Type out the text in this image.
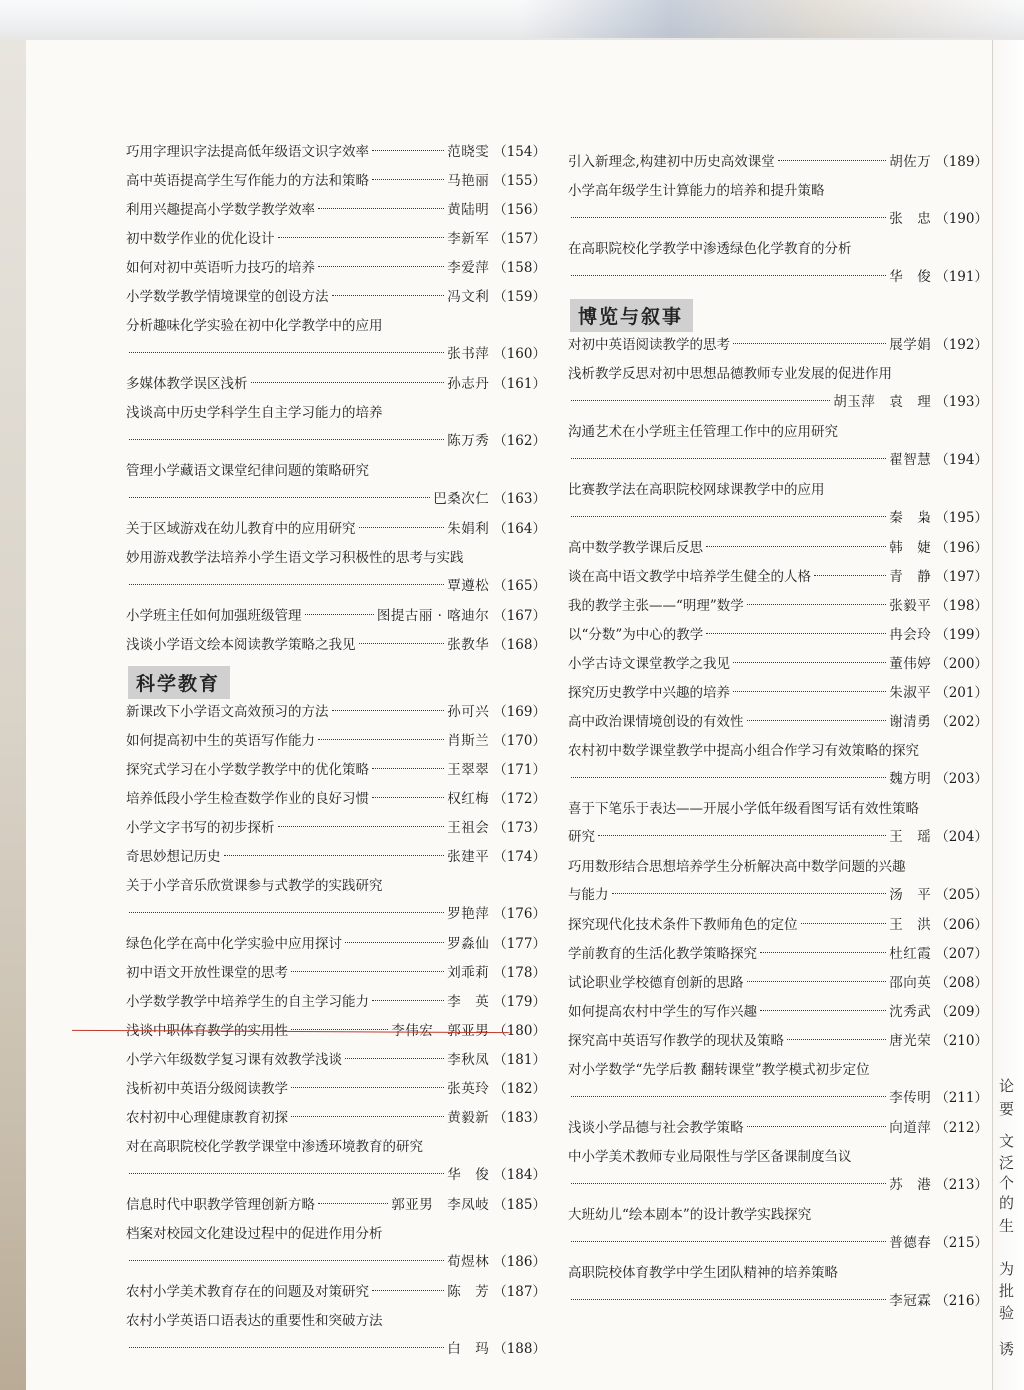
论
要
文
泛
个
的
生
为
批
验
诱
巧用字理识字法提高低年级语文识字效率	范晓雯 （154）
高中英语提高学生写作能力的方法和策略	马艳丽 （155）
利用兴趣提高小学数学教学效率	黄陆明 （156）
初中数学作业的优化设计	李新军 （157）
如何对初中英语听力技巧的培养	李爱萍 （158）
小学数学教学情境课堂的创设方法	冯文利 （159）
分析趣味化学实验在初中化学教学中的应用
张书萍 （160）
多媒体教学误区浅析	孙志丹 （161）
浅谈高中历史学科学生自主学习能力的培养
陈万秀 （162）
管理小学藏语文课堂纪律问题的策略研究
巴桑次仁 （163）
关于区域游戏在幼儿教育中的应用研究	朱娟利 （164）
妙用游戏教学法培养小学生语文学习积极性的思考与实践
覃遵松 （165）
小学班主任如何加强班级管理	图提古丽 · 喀迪尔 （167）
浅谈小学语文绘本阅读教学策略之我见	张教华 （168）
科学教育
新课改下小学语文高效预习的方法	孙可兴 （169）
如何提高初中生的英语写作能力	肖斯兰 （170）
探究式学习在小学数学教学中的优化策略	王翠翠 （171）
培养低段小学生检查数学作业的良好习惯	权红梅 （172）
小学文字书写的初步探析	王祖会 （173）
奇思妙想记历史	张建平 （174）
关于小学音乐欣赏课参与式教学的实践研究
罗艳萍 （176）
绿色化学在高中化学实验中应用探讨	罗淼仙 （177）
初中语文开放性课堂的思考	刘乖莉 （178）
小学数学教学中培养学生的自主学习能力	李　英 （179）
浅谈中职体育教学的实用性	李伟宏　郭亚男 （180）
小学六年级数学复习课有效教学浅谈	李秋凤 （181）
浅析初中英语分级阅读教学	张英玲 （182）
农村初中心理健康教育初探	黄毅新 （183）
对在高职院校化学教学课堂中渗透环境教育的研究
华　俊 （184）
信息时代中职教学管理创新方略	郭亚男　李凤岐 （185）
档案对校园文化建设过程中的促进作用分析
荀煜林 （186）
农村小学美术教育存在的问题及对策研究	陈　芳 （187）
农村小学英语口语表达的重要性和突破方法
白　玛 （188）
引入新理念,构建初中历史高效课堂	胡佐万 （189）
小学高年级学生计算能力的培养和提升策略
张　忠 （190）
在高职院校化学教学中渗透绿色化学教育的分析
华　俊 （191）
博览与叙事
对初中英语阅读教学的思考	展学娟 （192）
浅析教学反思对初中思想品德教师专业发展的促进作用
胡玉萍　袁　理 （193）
沟通艺术在小学班主任管理工作中的应用研究
翟智慧 （194）
比赛教学法在高职院校网球课教学中的应用
秦　枭 （195）
高中数学教学课后反思	韩　婕 （196）
谈在高中语文教学中培养学生健全的人格	青　静 （197）
我的教学主张——“明理”数学	张毅平 （198）
以“分数”为中心的教学	冉会玲 （199）
小学古诗文课堂教学之我见	董伟婷 （200）
探究历史教学中兴趣的培养	朱淑平 （201）
高中政治课情境创设的有效性	谢清勇 （202）
农村初中数学课堂教学中提高小组合作学习有效策略的探究
魏方明 （203）
喜于下笔乐于表达——开展小学低年级看图写话有效性策略
研究	王　瑶 （204）
巧用数形结合思想培养学生分析解决高中数学问题的兴趣
与能力	汤　平 （205）
探究现代化技术条件下教师角色的定位	王　洪 （206）
学前教育的生活化教学策略探究	杜红霞 （207）
试论职业学校德育创新的思路	邵向英 （208）
如何提高农村中学生的写作兴趣	沈秀武 （209）
探究高中英语写作教学的现状及策略	唐光荣 （210）
对小学数学“先学后教 翻转课堂”教学模式初步定位
李传明 （211）
浅谈小学品德与社会教学策略	向道萍 （212）
中小学美术教师专业局限性与学区备课制度刍议
苏　港 （213）
大班幼儿“绘本剧本”的设计教学实践探究
普德春 （215）
高职院校体育教学中学生团队精神的培养策略
李冠霖 （216）
